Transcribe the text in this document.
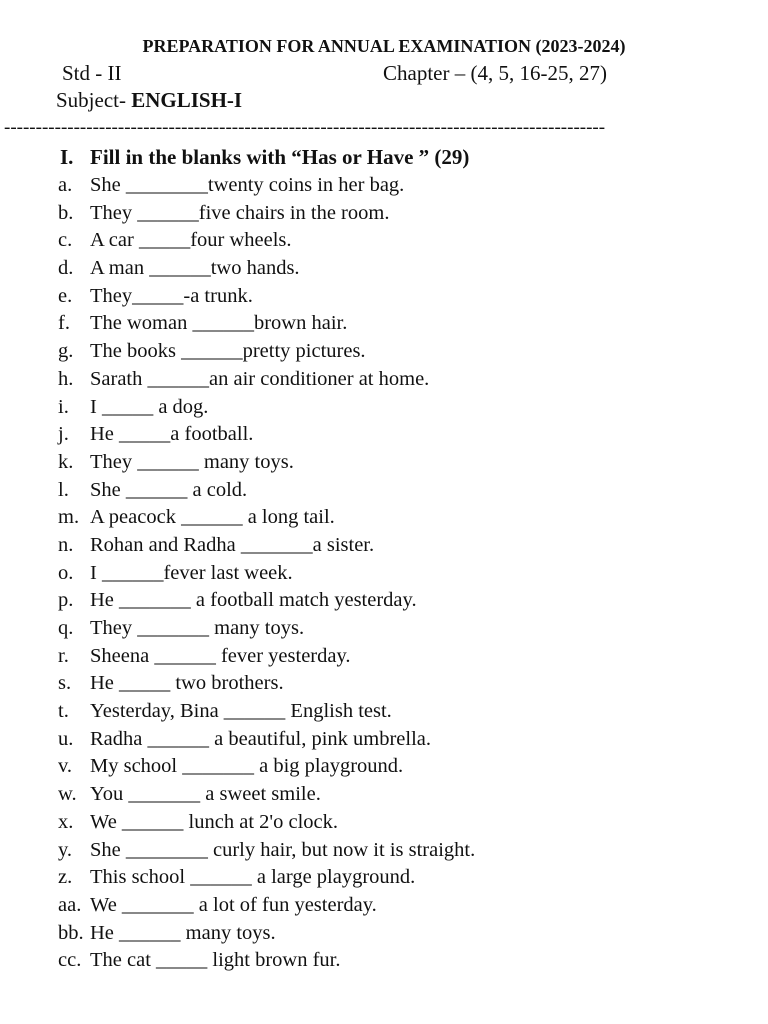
PREPARATION FOR ANNUAL EXAMINATION (2023-2024)
Std - II	Chapter – (4, 5, 16-25, 27)
Subject- ENGLISH-I
-----------------------------------------------------------------------------------------------
I. Fill in the blanks with “Has or Have ” (29)
a. She ________twenty coins in her bag.
b. They ______five chairs in the room.
c. A car _____four wheels.
d. A man ______two hands.
e. They_____-a trunk.
f. The woman ______brown hair.
g. The books ______pretty pictures.
h. Sarath ______an air conditioner at home.
i. I _____ a dog.
j. He _____a football.
k. They ______ many toys.
l. She ______ a cold.
m. A peacock ______ a long tail.
n. Rohan and Radha _______a sister.
o. I ______fever last week.
p. He _______ a football match yesterday.
q. They _______ many toys.
r. Sheena ______ fever yesterday.
s. He _____ two brothers.
t. Yesterday, Bina ______ English test.
u. Radha ______ a beautiful, pink umbrella.
v. My school _______ a big playground.
w. You _______ a sweet smile.
x. We ______ lunch at 2'o clock.
y. She ________ curly hair, but now it is straight.
z. This school ______ a large playground.
aa. We _______ a lot of fun yesterday.
bb. He ______ many toys.
cc. The cat _____ light brown fur.
